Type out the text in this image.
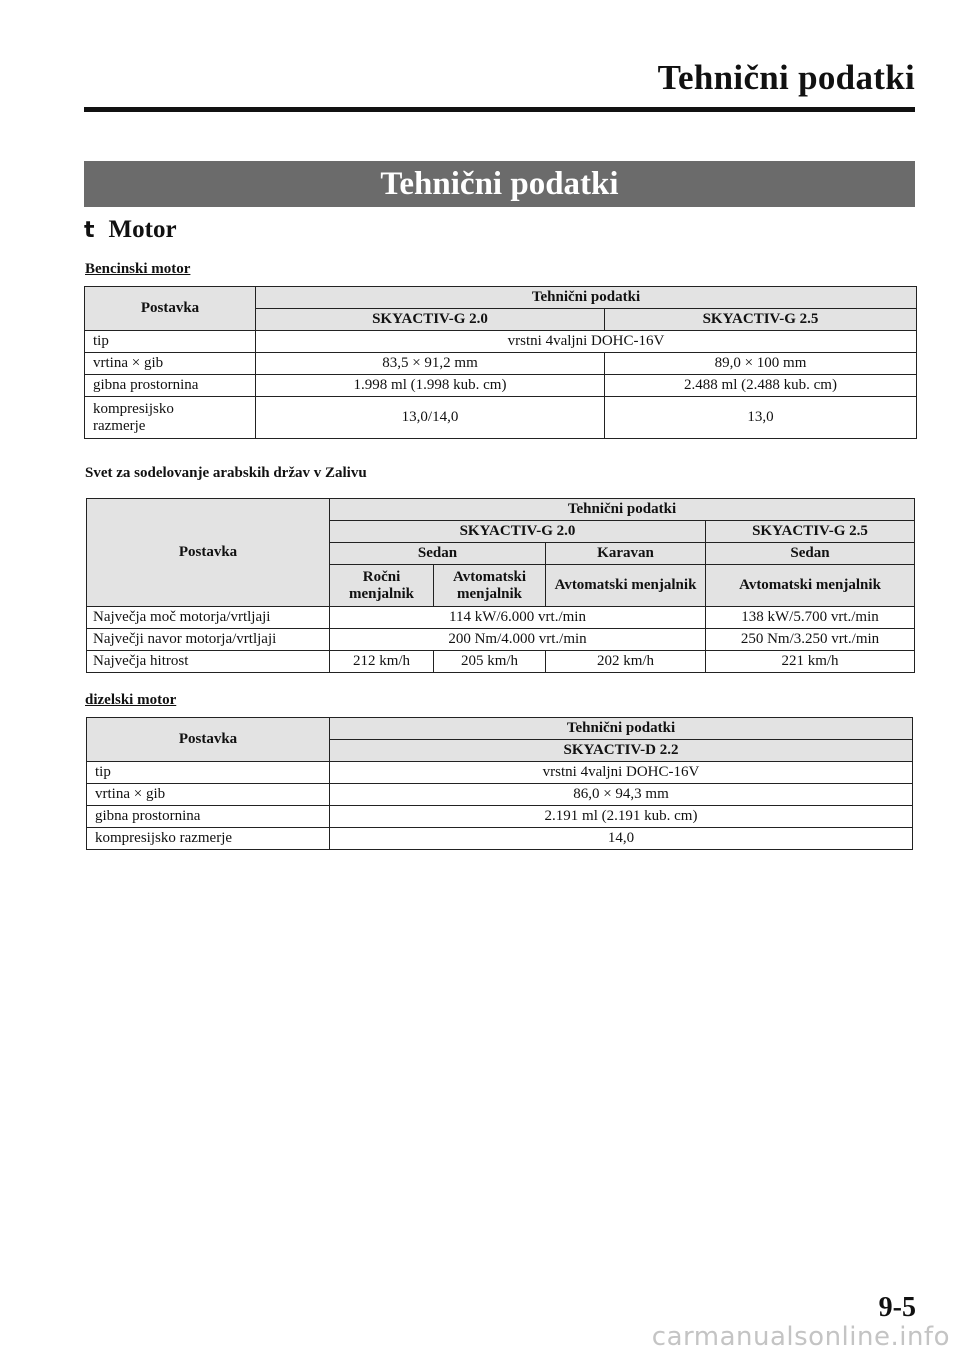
Tehnični podatki
Tehnični podatki
t Motor
Bencinski motor
Postavka	Tehnični podatki	
	SKYACTIV-G 2.0	SKYACTIV-G 2.5
tip	vrstni 4valjni DOHC-16V	
vrtina × gib	83,5 × 91,2 mm	89,0 × 100 mm
gibna prostornina	1.998 ml (1.998 kub. cm)	2.488 ml (2.488 kub. cm)
kompresijsko razmerje	13,0/14,0	13,0
Svet za sodelovanje arabskih držav v Zalivu
Postavka	Tehnični podatki			
	SKYACTIV-G 2.0			SKYACTIV-G 2.5
	Sedan		Karavan	Sedan
	Ročni menjalnik	Avtomatski menjalnik	Avtomatski menjalnik	Avtomatski menjalnik
Največja moč motorja/vrtljaji	114 kW/6.000 vrt./min			138 kW/5.700 vrt./min
Največji navor motorja/vrtljaji	200 Nm/4.000 vrt./min			250 Nm/3.250 vrt./min
Največja hitrost	212 km/h	205 km/h	202 km/h	221 km/h
dizelski motor
Postavka	Tehnični podatki
	SKYACTIV-D 2.2
tip	vrstni 4valjni DOHC-16V
vrtina × gib	86,0 × 94,3 mm
gibna prostornina	2.191 ml (2.191 kub. cm)
kompresijsko razmerje	14,0
9-5
carmanualsonline.info
